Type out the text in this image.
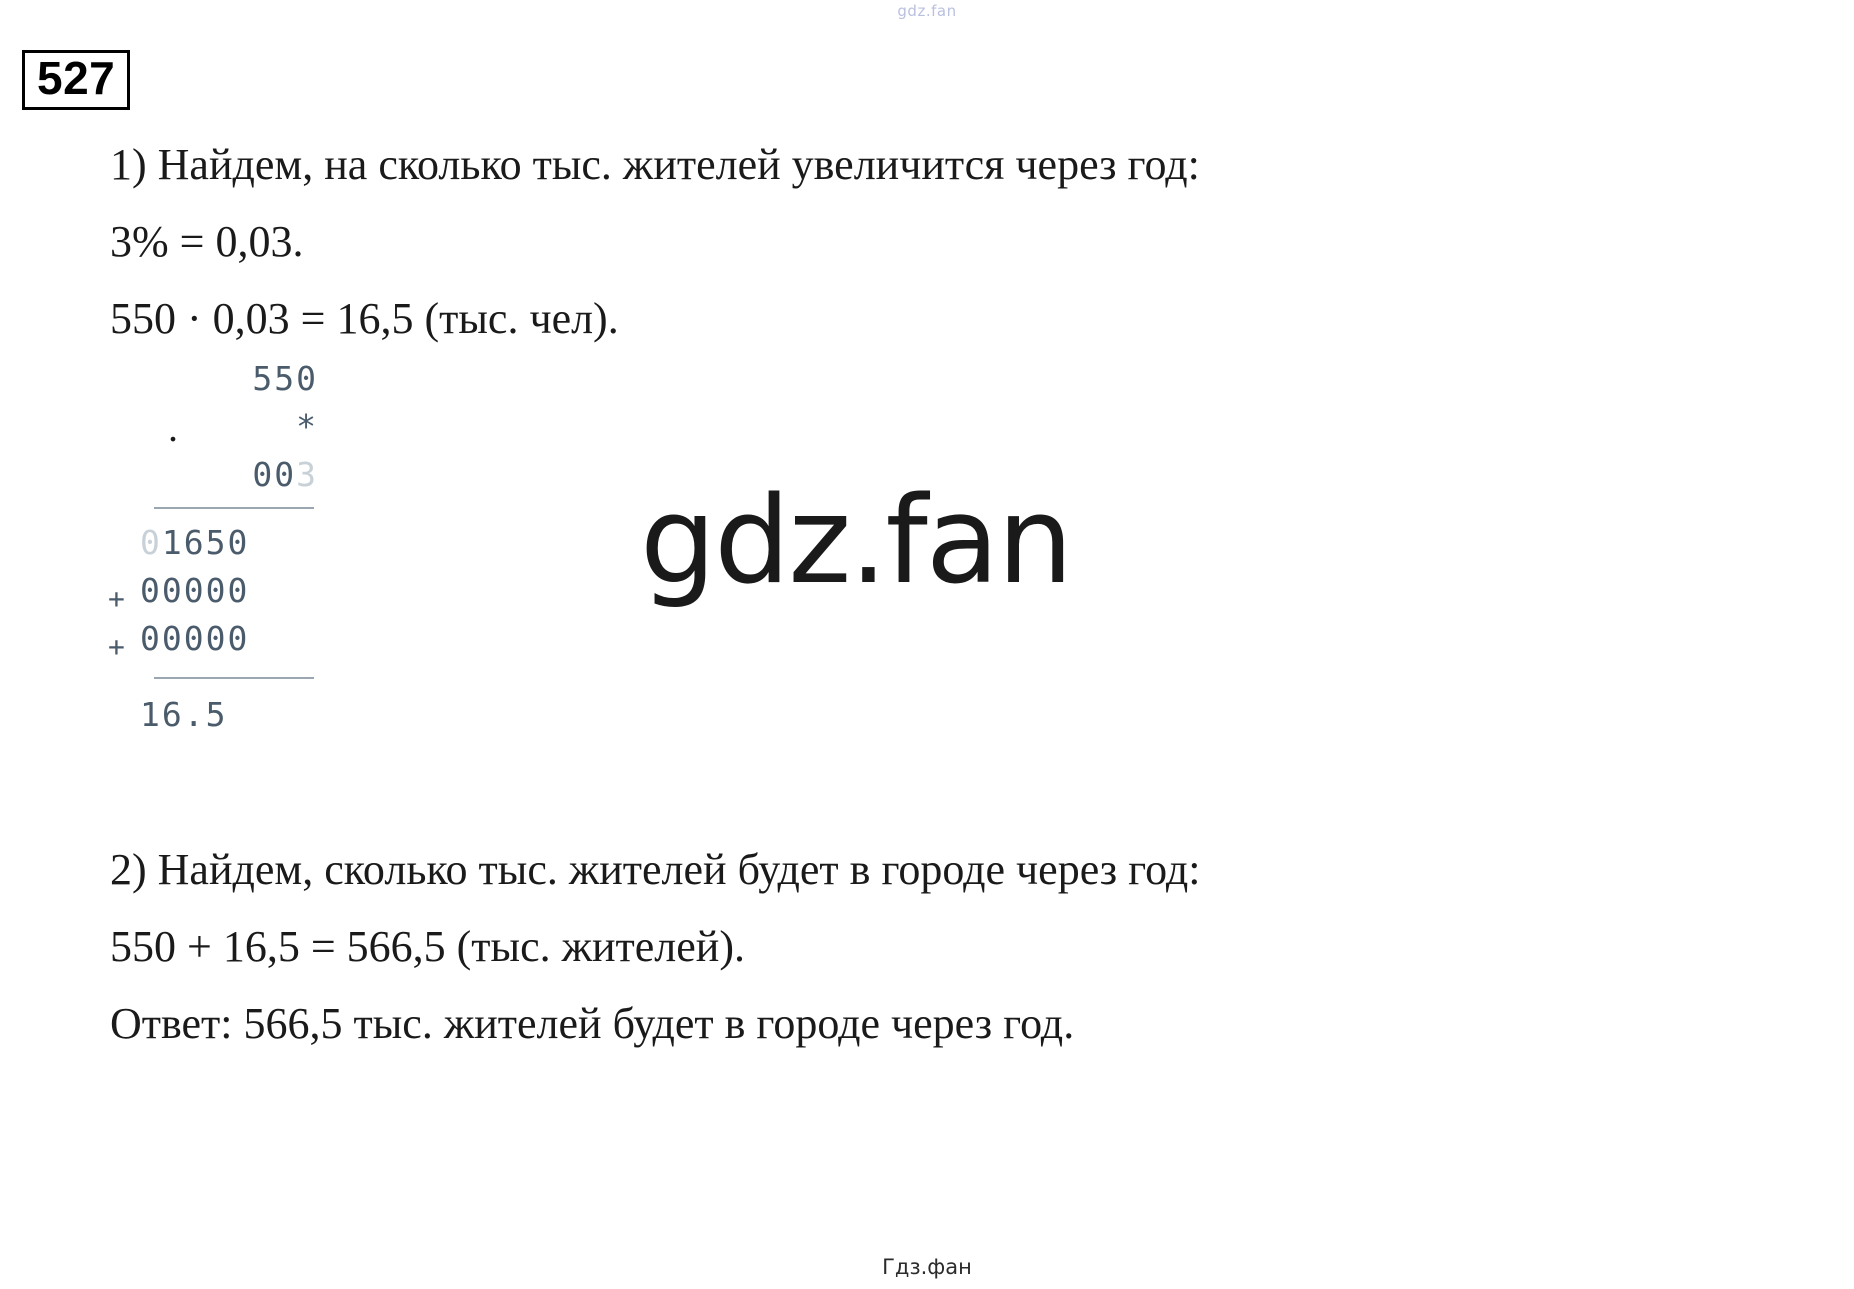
gdz.fan
527
1) Найдем, на сколько тыс. жителей увеличится через год:
3% = 0,03.
550 · 0,03 = 16,5 (тыс. чел).
550
*
003
01650
+ 00000
+ 00000
16.5
.
gdz.fan
2) Найдем, сколько тыс. жителей будет в городе через год:
550 + 16,5 = 566,5 (тыс. жителей).
Ответ: 566,5 тыс. жителей будет в городе через год.
Гдз.фан
